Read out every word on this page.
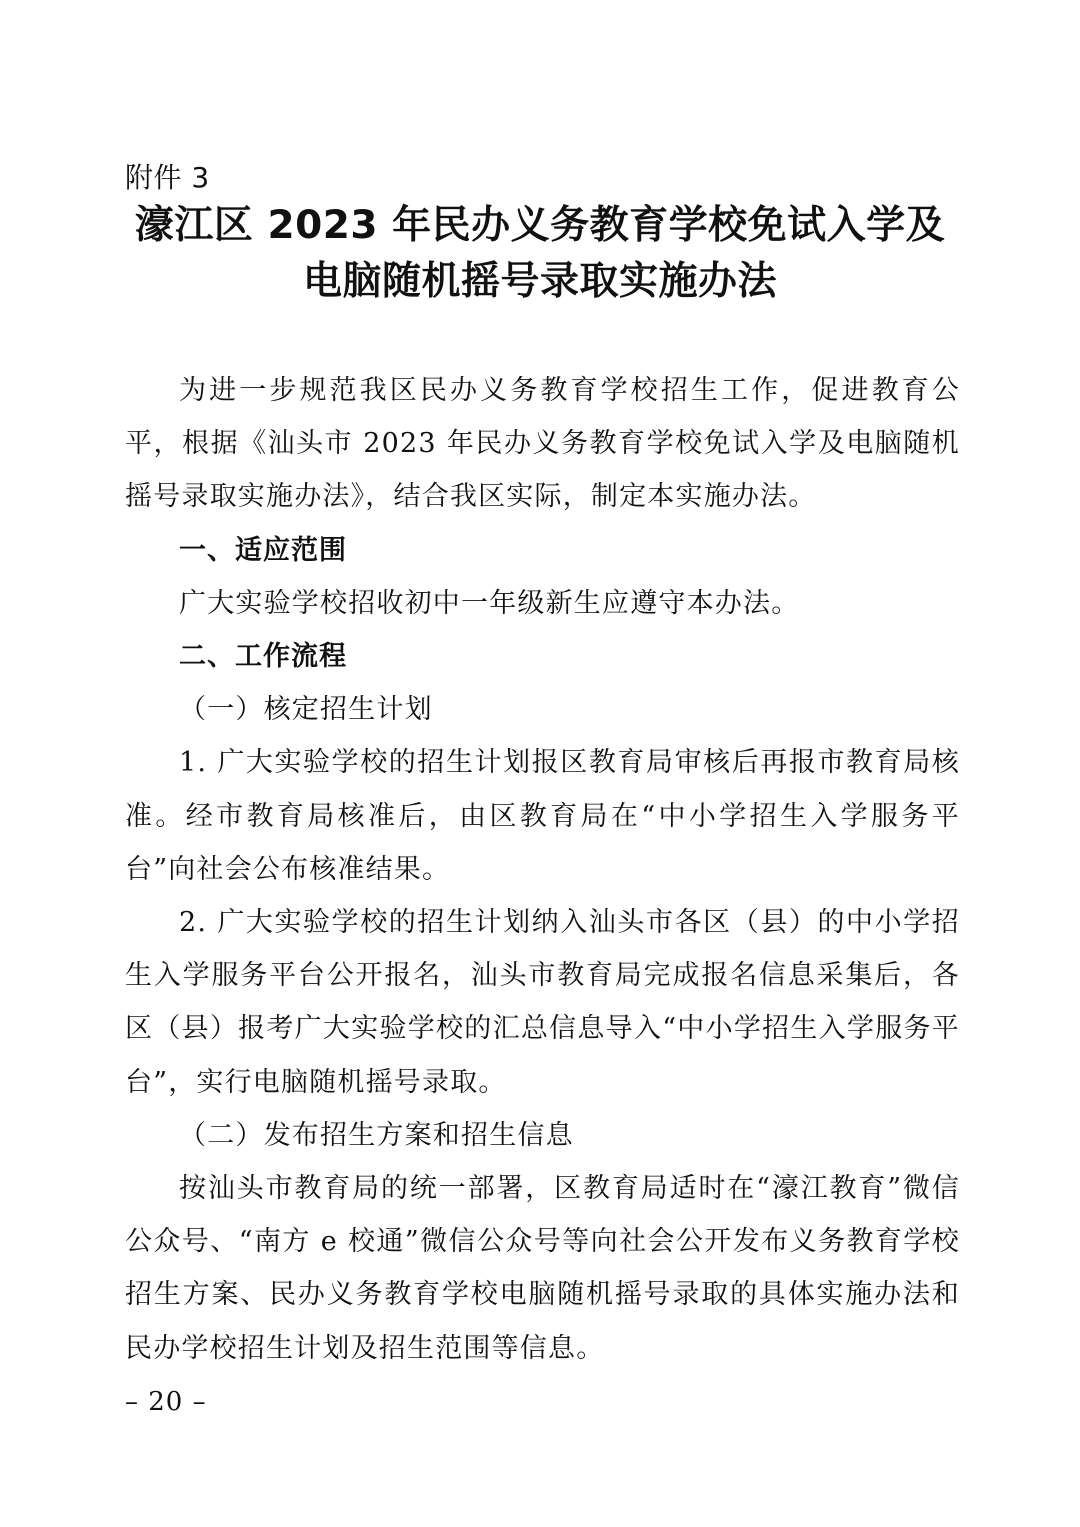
附件 3
濠江区 2023 年民办义务教育学校免试入学及
电脑随机摇号录取实施办法

为进一步规范我区民办义务教育学校招生工作，促进教育公平，根据《汕头市 2023 年民办义务教育学校免试入学及电脑随机摇号录取实施办法》，结合我区实际，制定本实施办法。

一、适应范围

广大实验学校招收初中一年级新生应遵守本办法。

二、工作流程

（一）核定招生计划

1. 广大实验学校的招生计划报区教育局审核后再报市教育局核准。经市教育局核准后，由区教育局在“中小学招生入学服务平台”向社会公布核准结果。

2. 广大实验学校的招生计划纳入汕头市各区（县）的中小学招生入学服务平台公开报名，汕头市教育局完成报名信息采集后，各区（县）报考广大实验学校的汇总信息导入“中小学招生入学服务平台”，实行电脑随机摇号录取。

（二）发布招生方案和招生信息

按汕头市教育局的统一部署，区教育局适时在“濠江教育”微信公众号、“南方 e 校通”微信公众号等向社会公开发布义务教育学校招生方案、民办义务教育学校电脑随机摇号录取的具体实施办法和民办学校招生计划及招生范围等信息。

– 20 –
